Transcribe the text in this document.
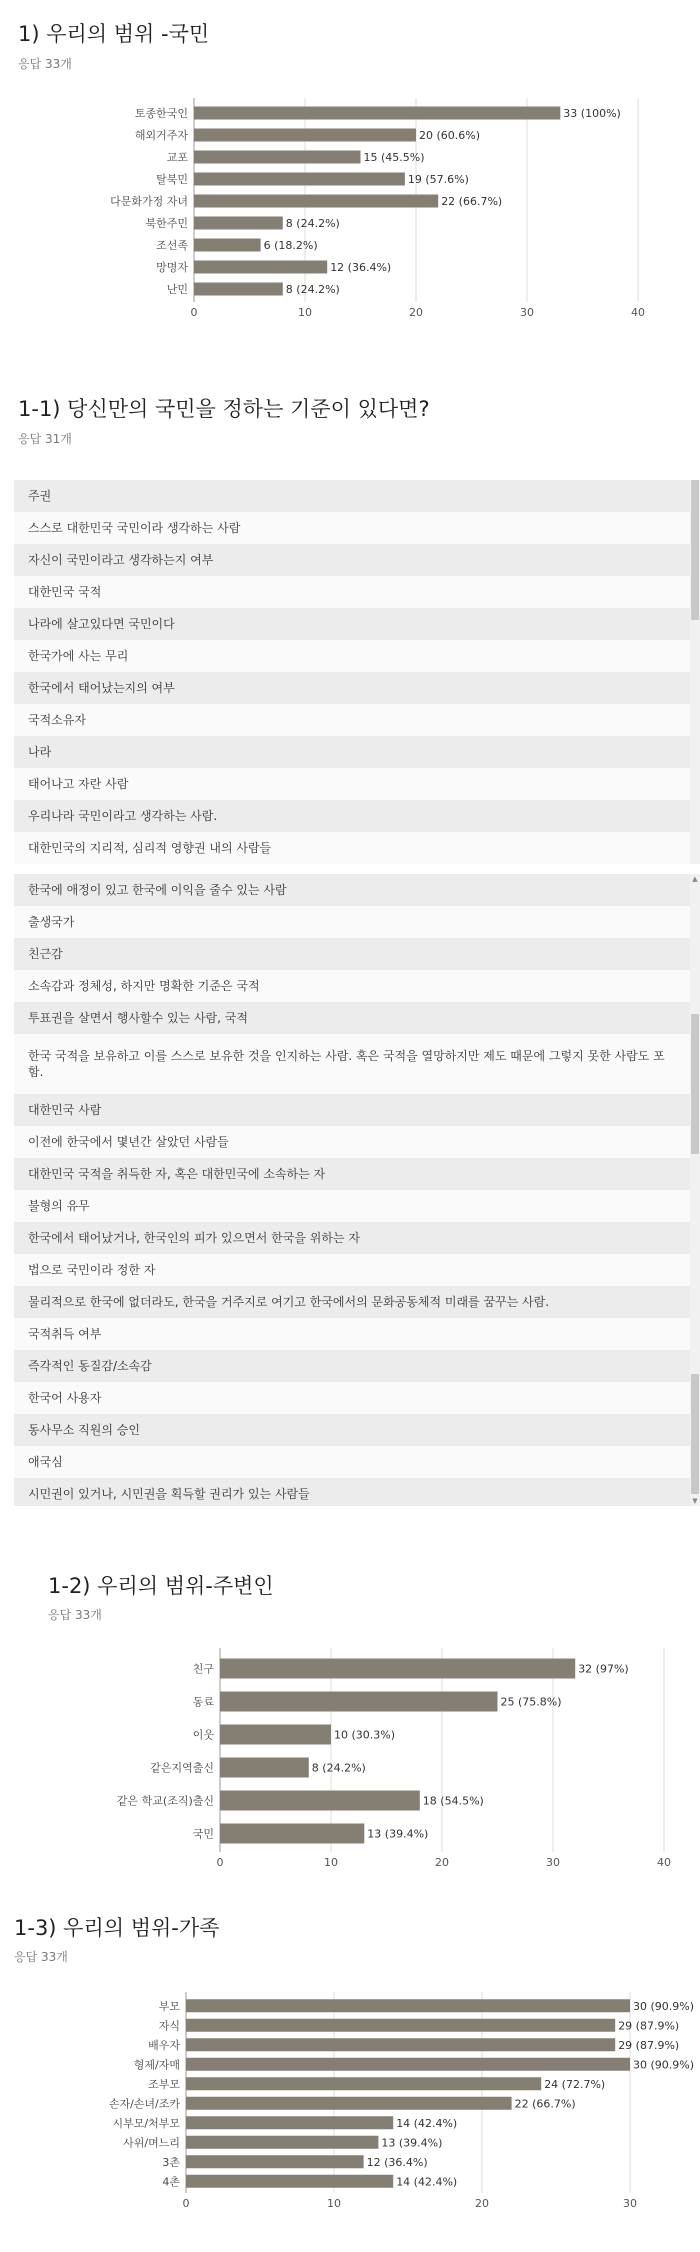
1) 우리의 범위 -국민
응답 33개
0	10	20	30	40
토종한국인	33 (100%)
해외거주자	20 (60.6%)
교포	15 (45.5%)
탈북민	19 (57.6%)
다문화가정 자녀	22 (66.7%)
북한주민	8 (24.2%)
조선족	6 (18.2%)
망명자	12 (36.4%)
난민	8 (24.2%)
1-1) 당신만의 국민을 정하는 기준이 있다면?
응답 31개
주권
스스로 대한민국 국민이라 생각하는 사람
자신이 국민이라고 생각하는지 여부
대한민국 국적
나라에 살고있다면 국민이다
한국가에 사는 무리
한국에서 태어났는지의 여부
국적소유자
나라
태어나고 자란 사람
우리나라 국민이라고 생각하는 사람.
대한민국의 지리적, 심리적 영향권 내의 사람들
한국에 애정이 있고 한국에 이익을 줄수 있는 사람
출생국가
친근감
소속감과 정체성, 하지만 명확한 기준은 국적
투표권을 살면서 행사할수 있는 사람, 국적
한국 국적을 보유하고 이를 스스로 보유한 것을 인지하는 사람. 혹은 국적을 열망하지만 제도 때문에 그렇지 못한 사람도 포함.
대한민국 사람
이전에 한국에서 몇년간 살았던 사람들
대한민국 국적을 취득한 자, 혹은 대한민국에 소속하는 자
불형의 유무
한국에서 태어났거나, 한국인의 피가 있으면서 한국을 위하는 자
법으로 국민이라 정한 자
물리적으로 한국에 없더라도, 한국을 거주지로 여기고 한국에서의 문화공동체적 미래를 꿈꾸는 사람.
국적취득 여부
즉각적인 동질감/소속감
한국어 사용자
동사무소 직원의 승인
애국심
시민권이 있거나, 시민권을 획득할 권리가 있는 사람들
▲
▼
1-2) 우리의 범위-주변인
응답 33개
0	10	20	30	40
친구	32 (97%)
동료	25 (75.8%)
이웃	10 (30.3%)
같은지역출신	8 (24.2%)
같은 학교(조직)출신	18 (54.5%)
국민	13 (39.4%)
1-3) 우리의 범위-가족
응답 33개
0	10	20	30
부모	30 (90.9%)
자식	29 (87.9%)
배우자	29 (87.9%)
형제/자매	30 (90.9%)
조부모	24 (72.7%)
손자/손녀/조카	22 (66.7%)
시부모/처부모	14 (42.4%)
사위/며느리	13 (39.4%)
3촌	12 (36.4%)
4촌	14 (42.4%)
